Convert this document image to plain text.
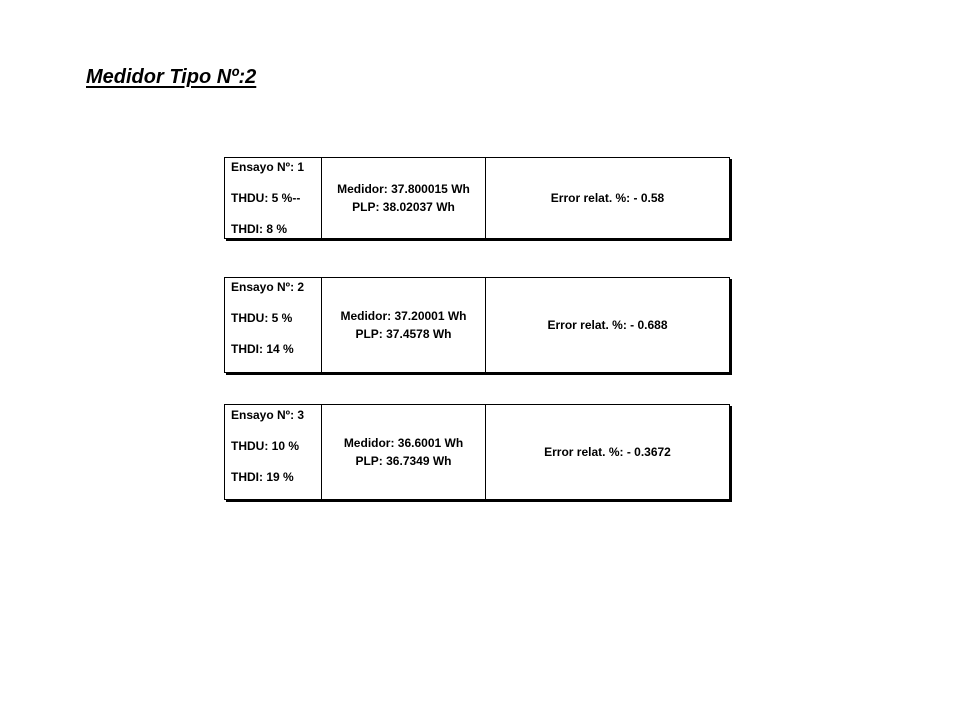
Medidor Tipo Nº:2
Ensayo Nº: 1
THDU: 5 %--
THDI: 8 %

Medidor: 37.800015 Wh
PLP: 38.02037 Wh
	Error relat. %: - 0.58
Ensayo Nº: 2
THDU: 5 %
THDI: 14 %

Medidor: 37.20001 Wh
PLP: 37.4578 Wh
	Error relat. %: - 0.688
Ensayo Nº: 3
THDU: 10 %
THDI: 19 %

Medidor: 36.6001 Wh
PLP: 36.7349 Wh
	Error relat. %: - 0.3672
